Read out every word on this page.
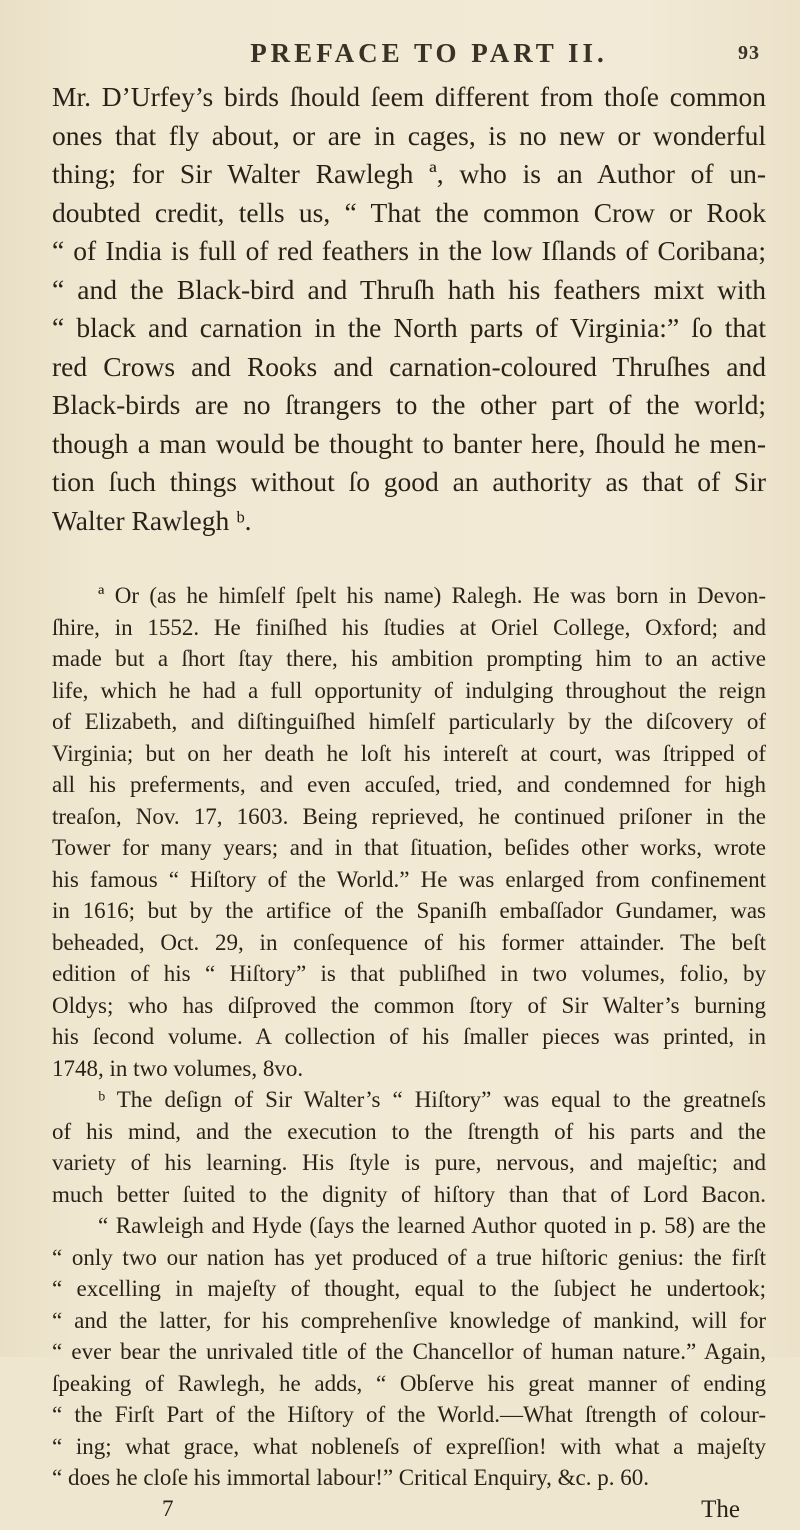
PREFACE TO PART II.	93

Mr. D’Urfey’s birds ſhould ſeem different from thoſe common

ones that fly about, or are in cages, is no new or wonderful

thing; for Sir Walter Rawlegh ª, who is an Author of un-

doubted credit, tells us, “ That the common Crow or Rook

“ of India is full of red feathers in the low Iſlands of Coribana;

“ and the Black-bird and Thruſh hath his feathers mixt with

“ black and carnation in the North parts of Virginia:” ſo that

red Crows and Rooks and carnation-coloured Thruſhes and

Black-birds are no ſtrangers to the other part of the world;

though a man would be thought to banter here, ſhould he men-

tion ſuch things without ſo good an authority as that of Sir

Walter Rawlegh ᵇ.

ª Or (as he himſelf ſpelt his name) Ralegh. He was born in Devon-

ſhire, in 1552. He finiſhed his ſtudies at Oriel College, Oxford; and

made but a ſhort ſtay there, his ambition prompting him to an active

life, which he had a full opportunity of indulging throughout the reign

of Elizabeth, and diſtinguiſhed himſelf particularly by the diſcovery of

Virginia; but on her death he loſt his intereſt at court, was ſtripped of

all his preferments, and even accuſed, tried, and condemned for high

treaſon, Nov. 17, 1603. Being reprieved, he continued priſoner in the

Tower for many years; and in that ſituation, beſides other works, wrote

his famous “ Hiſtory of the World.” He was enlarged from confinement

in 1616; but by the artifice of the Spaniſh embaſſador Gundamer, was

beheaded, Oct. 29, in conſequence of his former attainder. The beſt

edition of his “ Hiſtory” is that publiſhed in two volumes, folio, by

Oldys; who has diſproved the common ſtory of Sir Walter’s burning

his ſecond volume. A collection of his ſmaller pieces was printed, in

1748, in two volumes, 8vo.

ᵇ The deſign of Sir Walter’s “ Hiſtory” was equal to the greatneſs

of his mind, and the execution to the ſtrength of his parts and the

variety of his learning. His ſtyle is pure, nervous, and majeſtic; and

much better ſuited to the dignity of hiſtory than that of Lord Bacon.

“ Rawleigh and Hyde (ſays the learned Author quoted in p. 58) are the

“ only two our nation has yet produced of a true hiſtoric genius: the firſt

“ excelling in majeſty of thought, equal to the ſubject he undertook;

“ and the latter, for his comprehenſive knowledge of mankind, will for

“ ever bear the unrivaled title of the Chancellor of human nature.” Again,

ſpeaking of Rawlegh, he adds, “ Obſerve his great manner of ending

“ the Firſt Part of the Hiſtory of the World.—What ſtrength of colour-

“ ing; what grace, what nobleneſs of expreſſion! with what a majeſty

“ does he cloſe his immortal labour!” Critical Enquiry, &c. p. 60.

7	The
